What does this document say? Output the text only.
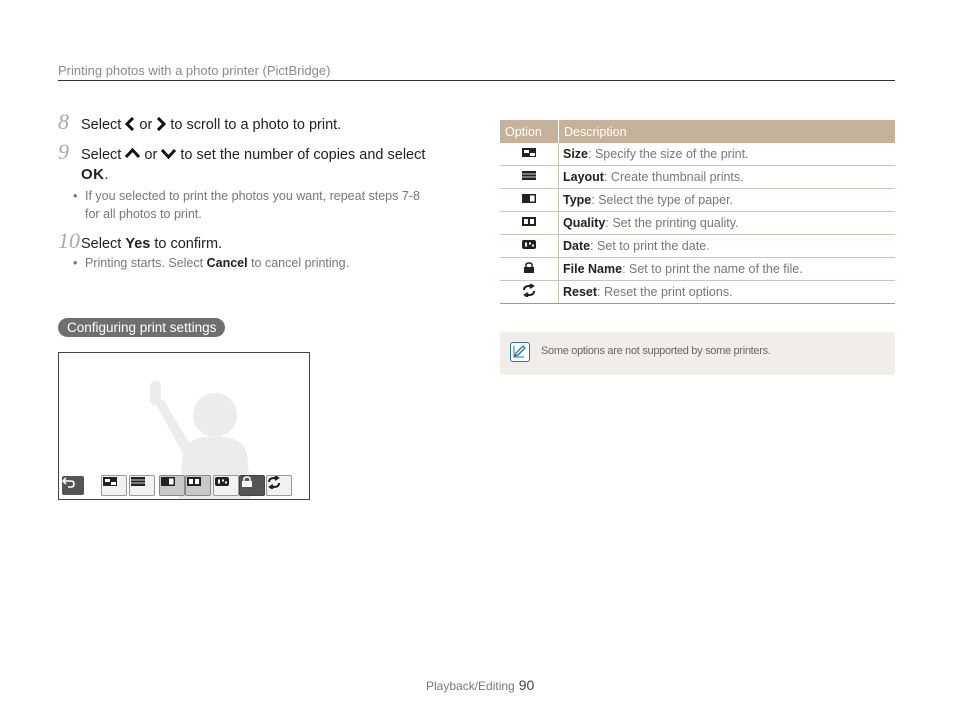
Printing photos with a photo printer (PictBridge)
8 Select or to scroll to a photo to print.
9 Select or to set the number of copies and select
OK.
• If you selected to print the photos you want, repeat steps 7-8
for all photos to print.
10 Select Yes to confirm.
• Printing starts. Select Cancel to cancel printing.
Configuring print settings
Option	Description
	Size: Specify the size of the print.
	Layout: Create thumbnail prints.
	Type: Select the type of paper.
	Quality: Set the printing quality.
	Date: Set to print the date.
	File Name: Set to print the name of the file.
	Reset: Reset the print options.
Some options are not supported by some printers.
Playback/Editing 90
